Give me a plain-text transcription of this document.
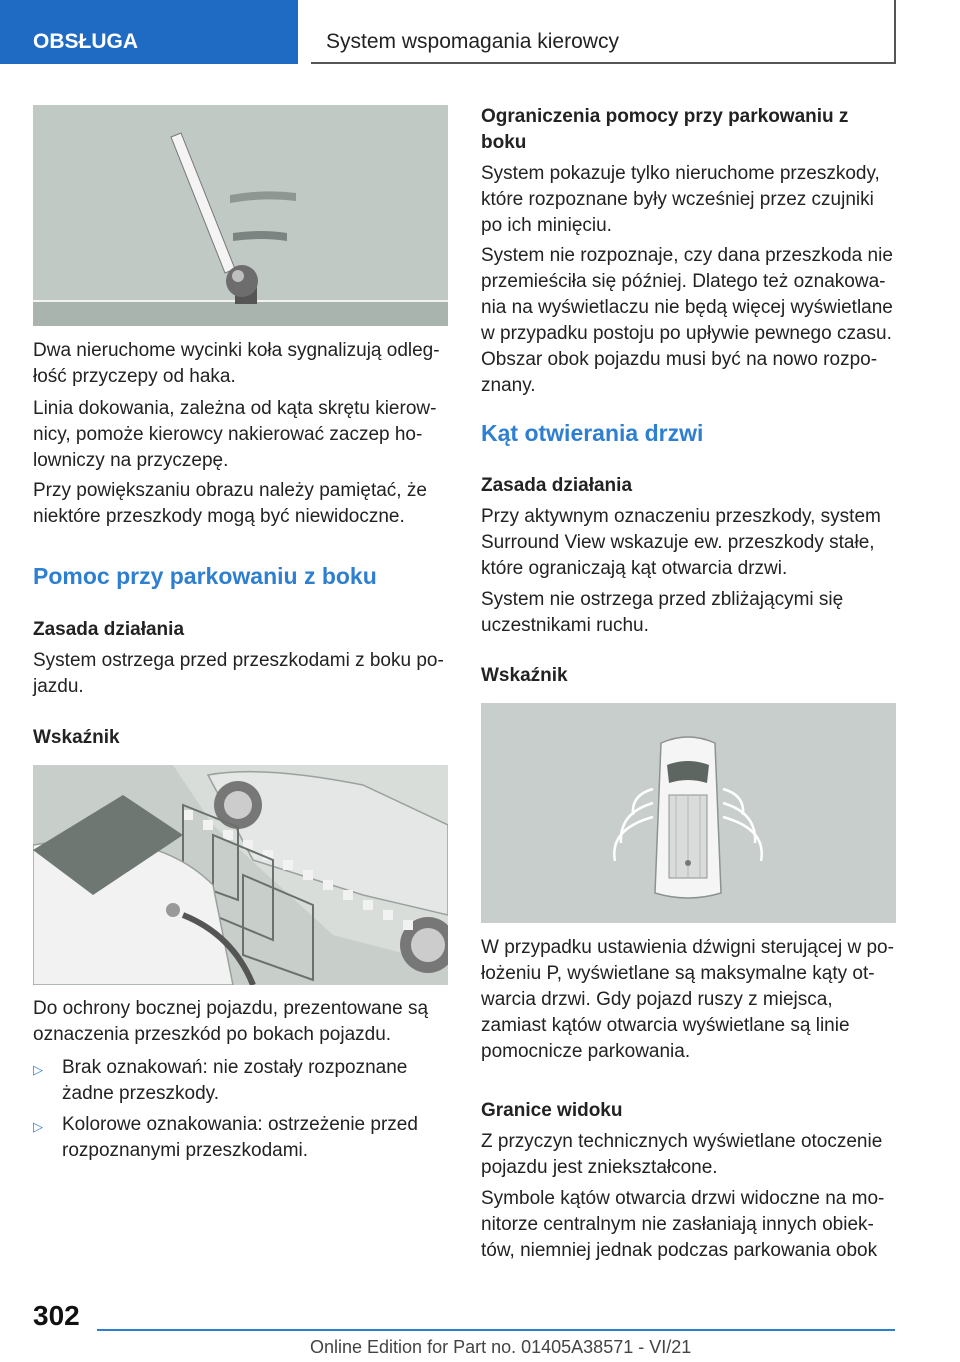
OBSŁUGA	System wspomagania kierowcy

Dwa nieruchome wycinki koła sygnalizują odleg-łość przyczepy od haka.

Linia dokowania, zależna od kąta skrętu kierow-nicy, pomoże kierowcy nakierować zaczep ho-lowniczy na przyczepę.

Przy powiększaniu obrazu należy pamiętać, że niektóre przeszkody mogą być niewidoczne.

Pomoc przy parkowaniu z boku
Zasada działania

System ostrzega przed przeszkodami z boku po-jazdu.

Wskaźnik

Do ochrony bocznej pojazdu, prezentowane są oznaczenia przeszkód po bokach pojazdu.

▷ Brak oznakowań: nie zostały rozpoznane żadne przeszkody.
▷ Kolorowe oznakowania: ostrzeżenie przed rozpoznanymi przeszkodami.
Ograniczenia pomocy przy parkowaniu z boku

System pokazuje tylko nieruchome przeszkody, które rozpoznane były wcześniej przez czujniki po ich minięciu.

System nie rozpoznaje, czy dana przeszkoda nie przemieściła się później. Dlatego też oznakowa-nia na wyświetlaczu nie będą więcej wyświetlane w przypadku postoju po upływie pewnego czasu. Obszar obok pojazdu musi być na nowo rozpo-znany.

Kąt otwierania drzwi
Zasada działania

Przy aktywnym oznaczeniu przeszkody, system Surround View wskazuje ew. przeszkody stałe, które ograniczają kąt otwarcia drzwi.

System nie ostrzega przed zbliżającymi się uczestnikami ruchu.

Wskaźnik

W przypadku ustawienia dźwigni sterującej w po-łożeniu P, wyświetlane są maksymalne kąty ot-warcia drzwi. Gdy pojazd ruszy z miejsca, zamiast kątów otwarcia wyświetlane są linie pomocnicze parkowania.

Granice widoku

Z przyczyn technicznych wyświetlane otoczenie pojazdu jest zniekształcone.

Symbole kątów otwarcia drzwi widoczne na mo-nitorze centralnym nie zasłaniają innych obiek-tów, niemniej jednak podczas parkowania obok

302
Online Edition for Part no. 01405A38571 - VI/21
